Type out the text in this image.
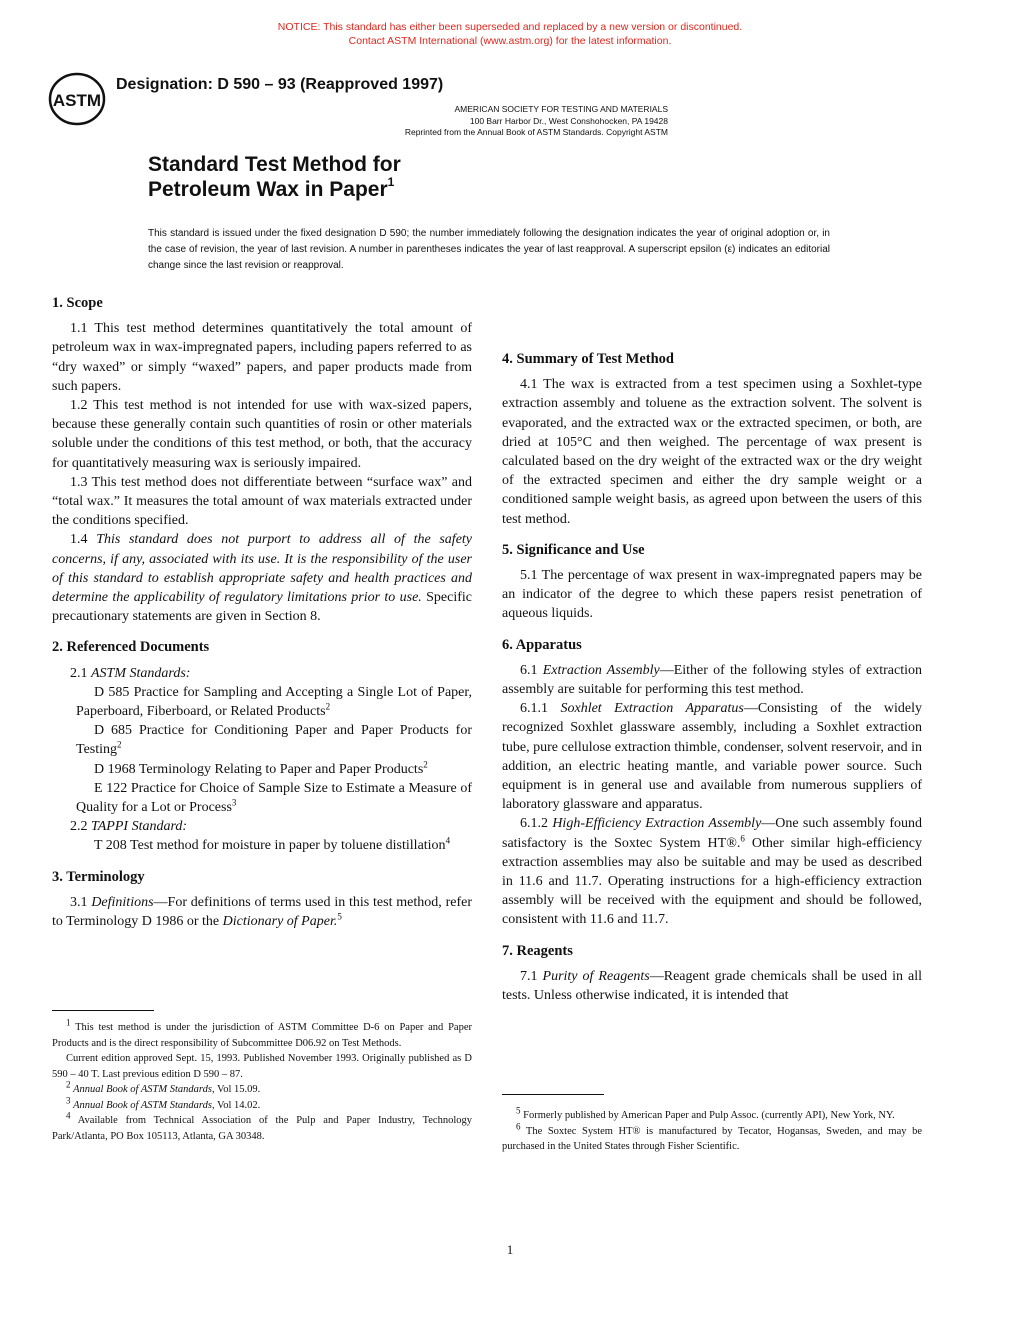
NOTICE: This standard has either been superseded and replaced by a new version or discontinued.
Contact ASTM International (www.astm.org) for the latest information.
ASTM
Designation: D 590 – 93 (Reapproved 1997)
AMERICAN SOCIETY FOR TESTING AND MATERIALS
100 Barr Harbor Dr., West Conshohocken, PA 19428
Reprinted from the Annual Book of ASTM Standards. Copyright ASTM
Standard Test Method for
Petroleum Wax in Paper$^1$
This standard is issued under the fixed designation D 590; the number immediately following the designation indicates the year of original adoption or, in the case of revision, the year of last revision. A number in parentheses indicates the year of last reapproval. A superscript epsilon (ε) indicates an editorial change since the last revision or reapproval.
1. Scope

1.1 This test method determines quantitatively the total amount of petroleum wax in wax-impregnated papers, including papers referred to as “dry waxed” or simply “waxed” papers, and paper products made from such papers.

1.2 This test method is not intended for use with wax-sized papers, because these generally contain such quantities of rosin or other materials soluble under the conditions of this test method, or both, that the accuracy for quantitatively measuring wax is seriously impaired.

1.3 This test method does not differentiate between “surface wax” and “total wax.” It measures the total amount of wax materials extracted under the conditions specified.

1.4 This standard does not purport to address all of the safety concerns, if any, associated with its use. It is the responsibility of the user of this standard to establish appropriate safety and health practices and determine the applicability of regulatory limitations prior to use. Specific precautionary statements are given in Section 8.

2. Referenced Documents

2.1 ASTM Standards:

D 585 Practice for Sampling and Accepting a Single Lot of Paper, Paperboard, Fiberboard, or Related Products$^2$

D 685 Practice for Conditioning Paper and Paper Products for Testing$^2$

D 1968 Terminology Relating to Paper and Paper Products$^2$

E 122 Practice for Choice of Sample Size to Estimate a Measure of Quality for a Lot or Process$^3$

2.2 TAPPI Standard:

T 208 Test method for moisture in paper by toluene distillation$^4$

3. Terminology

3.1 Definitions—For definitions of terms used in this test method, refer to Terminology D 1986 or the Dictionary of Paper.$^5$

4. Summary of Test Method

4.1 The wax is extracted from a test specimen using a Soxhlet-type extraction assembly and toluene as the extraction solvent. The solvent is evaporated, and the extracted wax or the extracted specimen, or both, are dried at 105°C and then weighed. The percentage of wax present is calculated based on the dry weight of the extracted wax or the dry weight of the extracted specimen and either the dry sample weight or a conditioned sample weight basis, as agreed upon between the users of this test method.

5. Significance and Use

5.1 The percentage of wax present in wax-impregnated papers may be an indicator of the degree to which these papers resist penetration of aqueous liquids.

6. Apparatus

6.1 Extraction Assembly—Either of the following styles of extraction assembly are suitable for performing this test method.

6.1.1 Soxhlet Extraction Apparatus—Consisting of the widely recognized Soxhlet glassware assembly, including a Soxhlet extraction tube, pure cellulose extraction thimble, condenser, solvent reservoir, and in addition, an electric heating mantle, and variable power source. Such equipment is in general use and available from numerous suppliers of laboratory glassware and apparatus.

6.1.2 High-Efficiency Extraction Assembly—One such assembly found satisfactory is the Soxtec System HT®.$^6$ Other similar high-efficiency extraction assemblies may also be suitable and may be used as described in 11.6 and 11.7. Operating instructions for a high-efficiency extraction assembly will be received with the equipment and should be followed, consistent with 11.6 and 11.7.

7. Reagents

7.1 Purity of Reagents—Reagent grade chemicals shall be used in all tests. Unless otherwise indicated, it is intended that

$^1$ This test method is under the jurisdiction of ASTM Committee D-6 on Paper and Paper Products and is the direct responsibility of Subcommittee D06.92 on Test Methods.

Current edition approved Sept. 15, 1993. Published November 1993. Originally published as D 590 – 40 T. Last previous edition D 590 – 87.

$^2$ Annual Book of ASTM Standards, Vol 15.09.

$^3$ Annual Book of ASTM Standards, Vol 14.02.

$^4$ Available from Technical Association of the Pulp and Paper Industry, Technology Park/Atlanta, PO Box 105113, Atlanta, GA 30348.

$^5$ Formerly published by American Paper and Pulp Assoc. (currently API), New York, NY.

$^6$ The Soxtec System HT® is manufactured by Tecator, Hogansas, Sweden, and may be purchased in the United States through Fisher Scientific.

1
